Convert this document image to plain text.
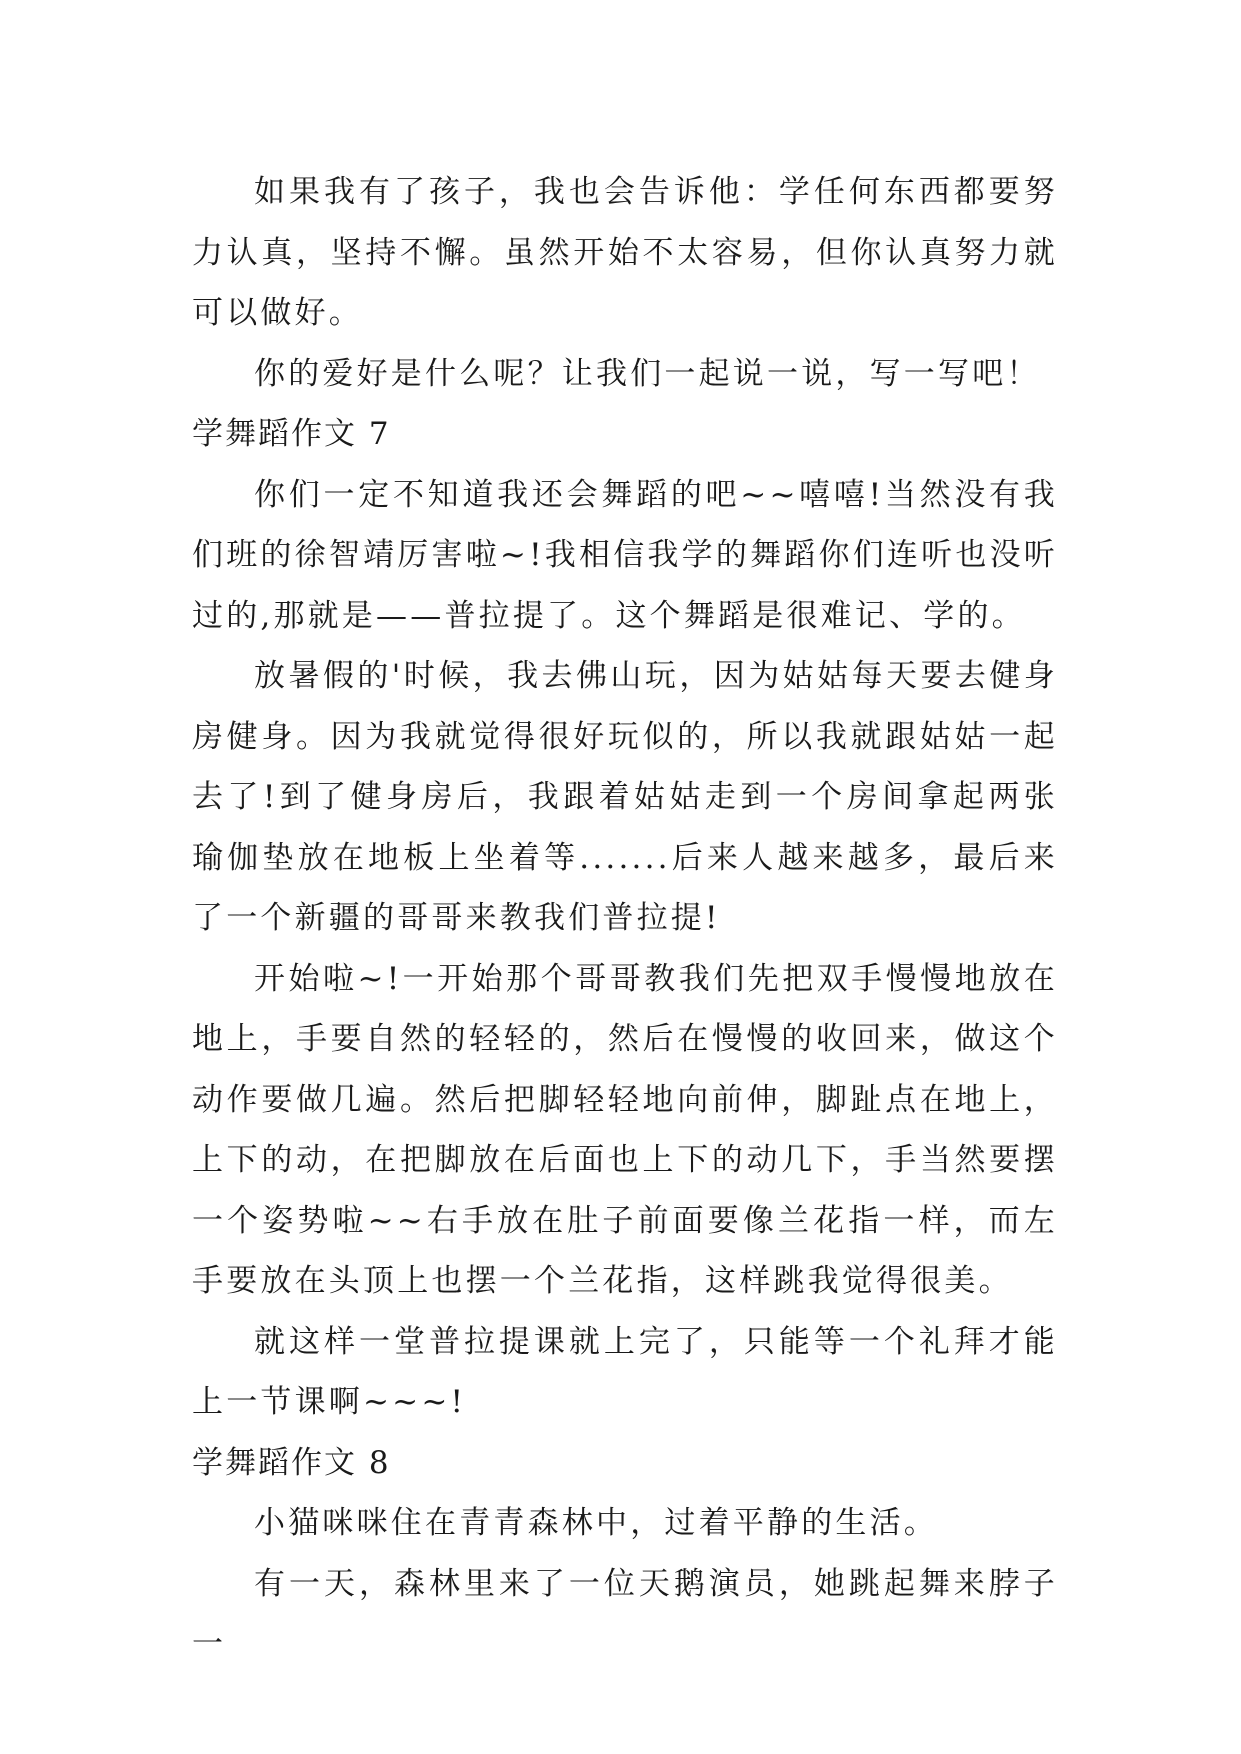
如果我有了孩子，我也会告诉他：学任何东西都要努力认真，坚持不懈。虽然开始不太容易，但你认真努力就可以做好。

你的爱好是什么呢？让我们一起说一说，写一写吧！

学舞蹈作文 7

你们一定不知道我还会舞蹈的吧~~嘻嘻!当然没有我们班的徐智靖厉害啦~!我相信我学的舞蹈你们连听也没听过的,那就是——普拉提了。这个舞蹈是很难记、学的。

放暑假的'时候，我去佛山玩，因为姑姑每天要去健身房健身。因为我就觉得很好玩似的，所以我就跟姑姑一起去了!到了健身房后，我跟着姑姑走到一个房间拿起两张瑜伽垫放在地板上坐着等.......后来人越来越多，最后来了一个新疆的哥哥来教我们普拉提!

开始啦~!一开始那个哥哥教我们先把双手慢慢地放在地上，手要自然的轻轻的，然后在慢慢的收回来，做这个动作要做几遍。然后把脚轻轻地向前伸，脚趾点在地上，上下的动，在把脚放在后面也上下的动几下，手当然要摆一个姿势啦~~右手放在肚子前面要像兰花指一样，而左手要放在头顶上也摆一个兰花指，这样跳我觉得很美。

就这样一堂普拉提课就上完了，只能等一个礼拜才能上一节课啊~~~!

学舞蹈作文 8

小猫咪咪住在青青森林中，过着平静的生活。

有一天，森林里来了一位天鹅演员，她跳起舞来脖子一
